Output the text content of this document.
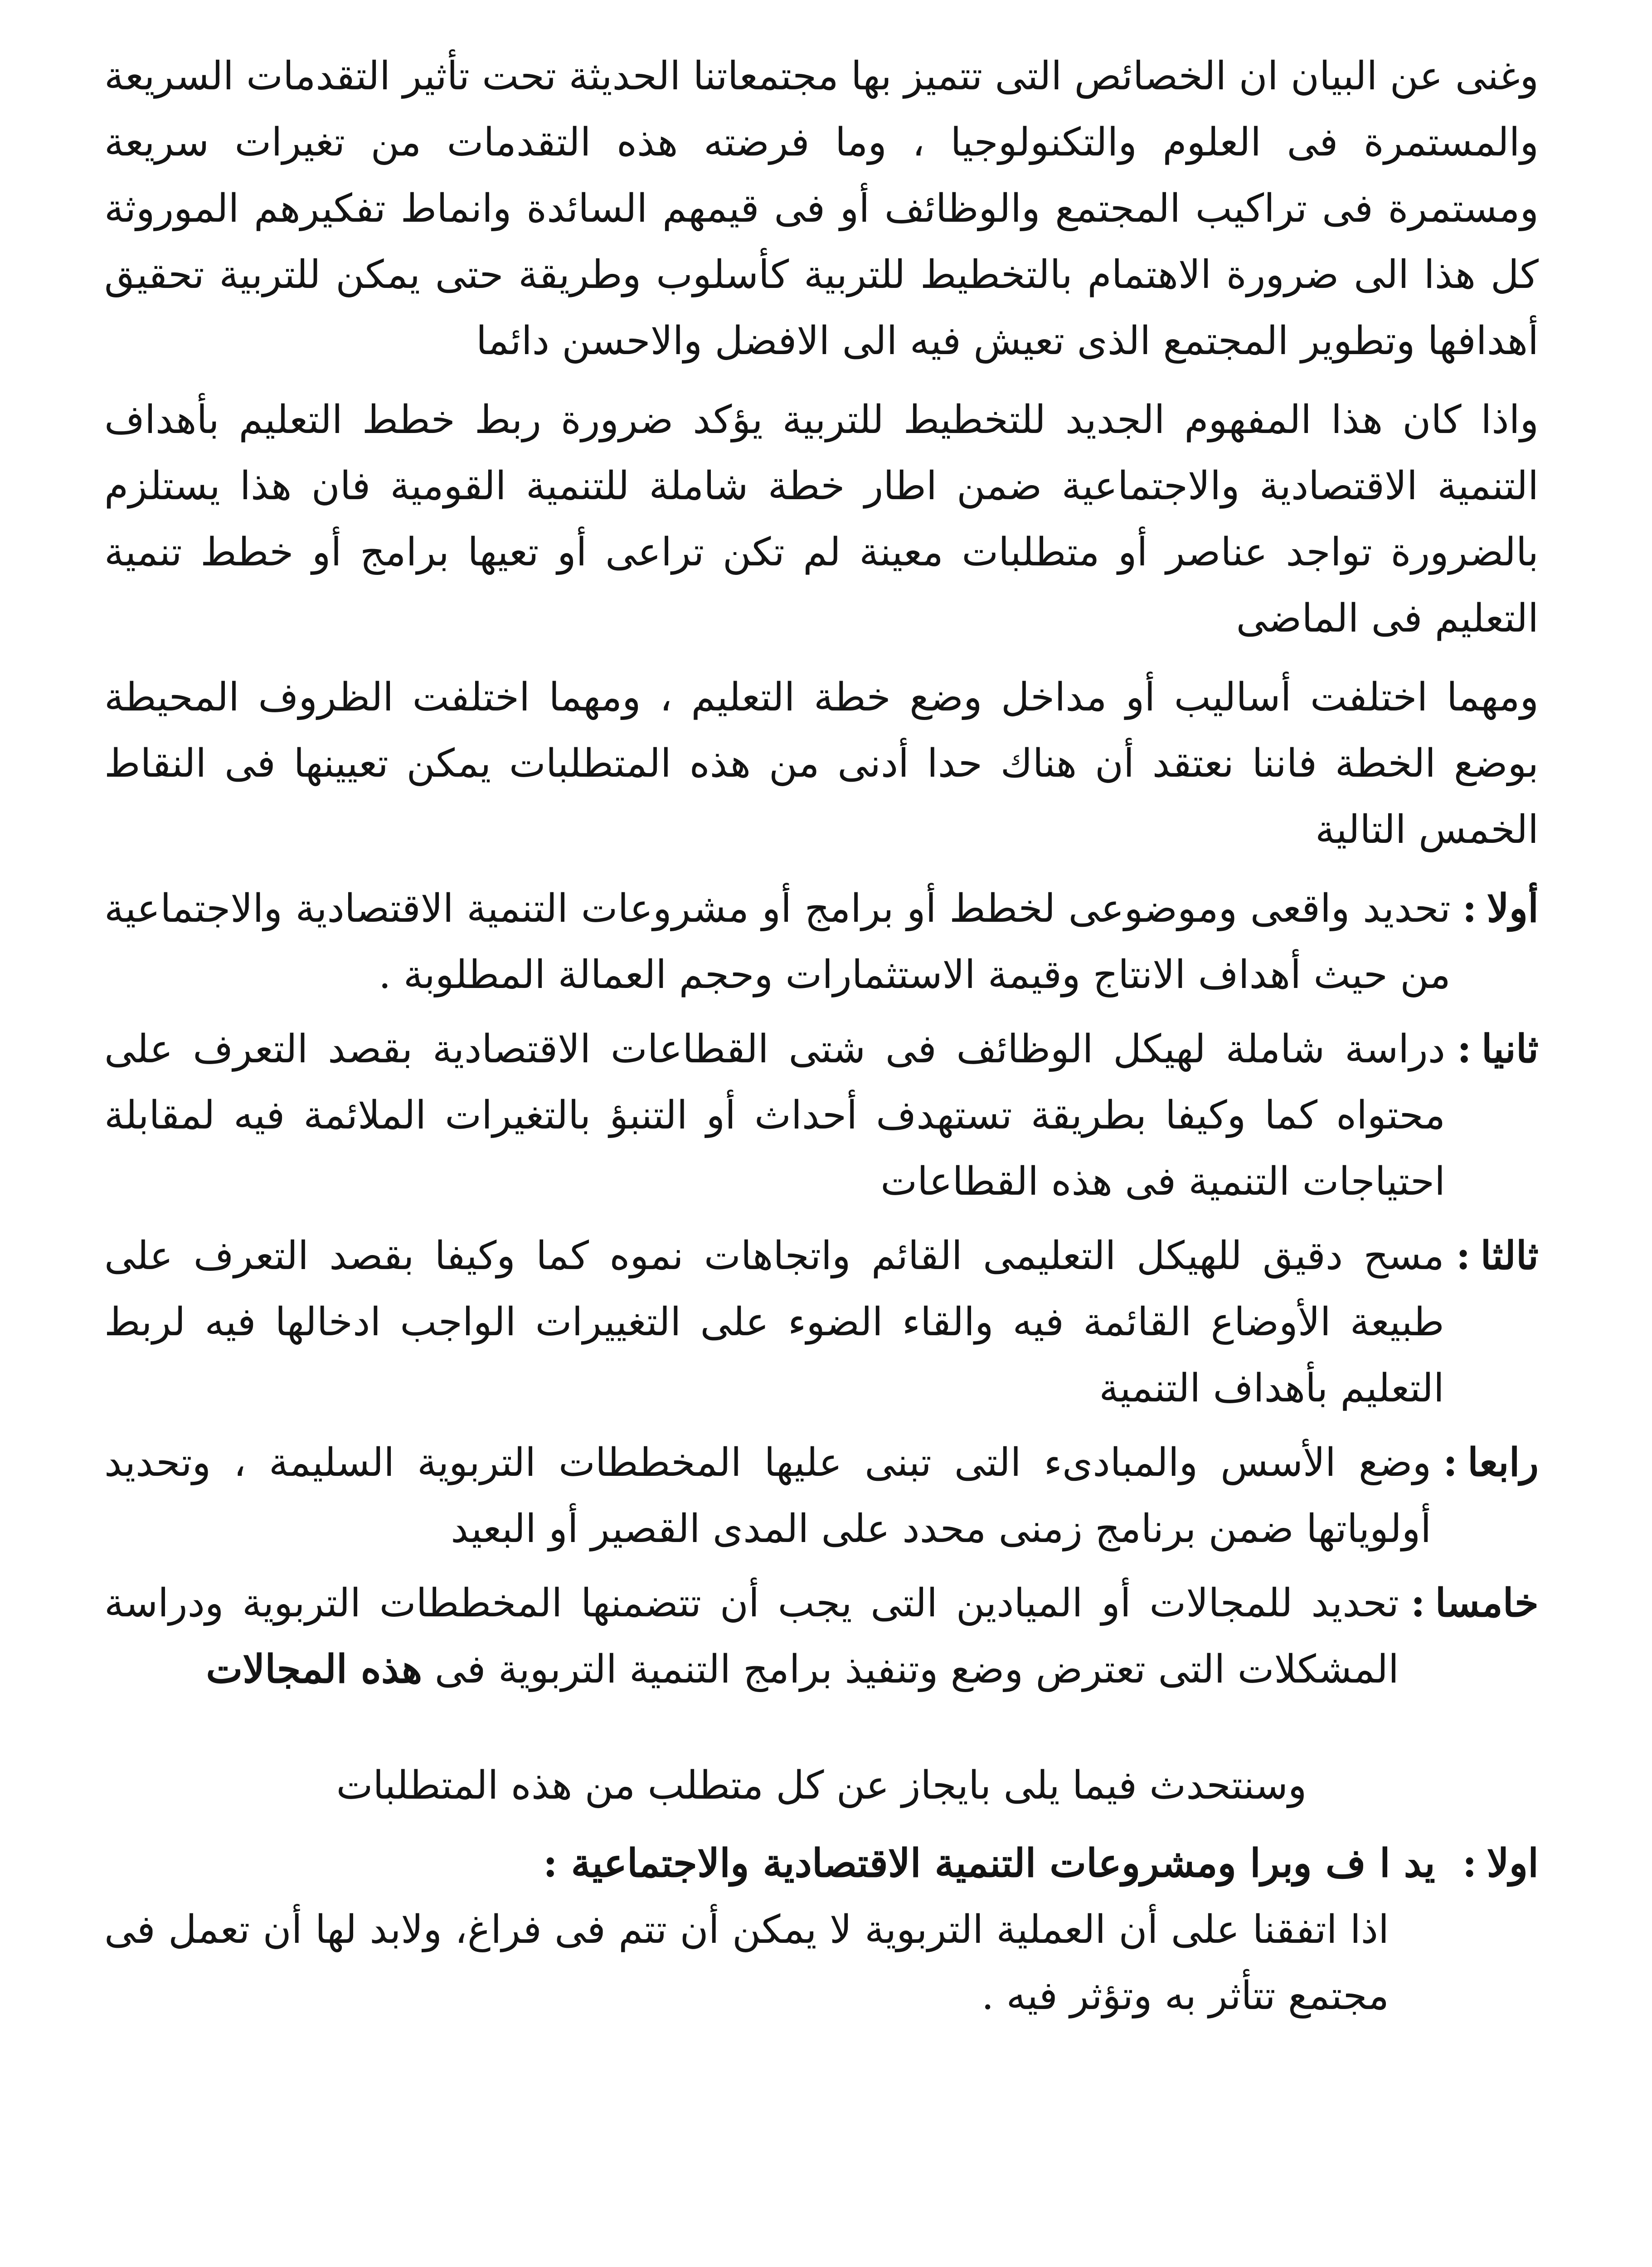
وغنى عن البيان ان الخصائص التى تتميز بها مجتمعاتنا الحديثة تحت تأثير التقدمات السريعة والمستمرة فى العلوم والتكنولوجيا ، وما فرضته هذه التقدمات من تغيرات سريعة ومستمرة فى تراكيب المجتمع والوظائف أو فى قيمهم السائدة وانماط تفكيرهم الموروثة كل هذا الى ضرورة الاهتمام بالتخطيط للتربية كأسلوب وطريقة حتى يمكن للتربية تحقيق أهدافها وتطوير المجتمع الذى تعيش فيه الى الافضل والاحسن دائما

واذا كان هذا المفهوم الجديد للتخطيط للتربية يؤكد ضرورة ربط خطط التعليم بأهداف التنمية الاقتصادية والاجتماعية ضمن اطار خطة شاملة للتنمية القومية فان هذا يستلزم بالضرورة تواجد عناصر أو متطلبات معينة لم تكن تراعى أو تعيها برامج أو خطط تنمية التعليم فى الماضى

ومهما اختلفت أساليب أو مداخل وضع خطة التعليم ، ومهما اختلفت الظروف المحيطة بوضع الخطة فاننا نعتقد أن هناك حدا أدنى من هذه المتطلبات يمكن تعيينها فى النقاط الخمس التالية

أولا
:
تحديد واقعى وموضوعى لخطط أو برامج أو مشروعات التنمية الاقتصادية والاجتماعية من حيث أهداف الانتاج وقيمة الاستثمارات وحجم العمالة المطلوبة .
ثانيا
:
دراسة شاملة لهيكل الوظائف فى شتى القطاعات الاقتصادية بقصد التعرف على محتواه كما وكيفا بطريقة تستهدف أحداث أو التنبؤ بالتغيرات الملائمة فيه لمقابلة احتياجات التنمية فى هذه القطاعات
ثالثا
:
مسح دقيق للهيكل التعليمى القائم واتجاهات نموه كما وكيفا بقصد التعرف على طبيعة الأوضاع القائمة فيه والقاء الضوء على التغييرات الواجب ادخالها فيه لربط التعليم بأهداف التنمية
رابعا
:
وضع الأسس والمبادىء التى تبنى عليها المخططات التربوية السليمة ، وتحديد أولوياتها ضمن برنامج زمنى محدد على المدى القصير أو البعيد
خامسا
:
تحديد للمجالات أو الميادين التى يجب أن تتضمنها المخططات التربوية ودراسة المشكلات التى تعترض وضع وتنفيذ برامج التنمية التربوية فى هذه المجالات

وسنتحدث فيما يلى بايجاز عن كل متطلب من هذه المتطلبات

اولا
:
يد ا ف وبرا ومشروعات التنمية الاقتصادية والاجتماعية :

اذا اتفقنا على أن العملية التربوية لا يمكن أن تتم فى فراغ، ولابد لها أن تعمل فى مجتمع تتأثر به وتؤثر فيه .
